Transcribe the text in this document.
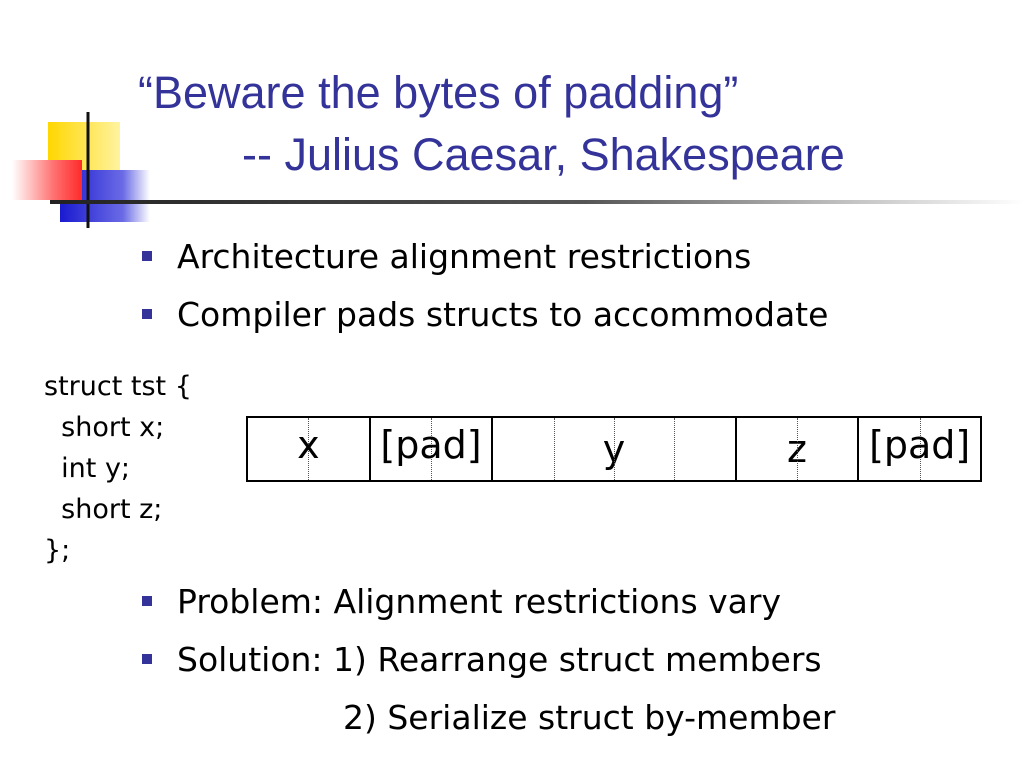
“Beware the bytes of padding”
-- Julius Caesar, Shakespeare
Architecture alignment restrictions
Compiler pads structs to accommodate
struct tst {
short x;
int y;
short z;
};
x [pad]	y	z [pad]
Problem: Alignment restrictions vary
Solution: 1) Rearrange struct members
2) Serialize struct by-member
